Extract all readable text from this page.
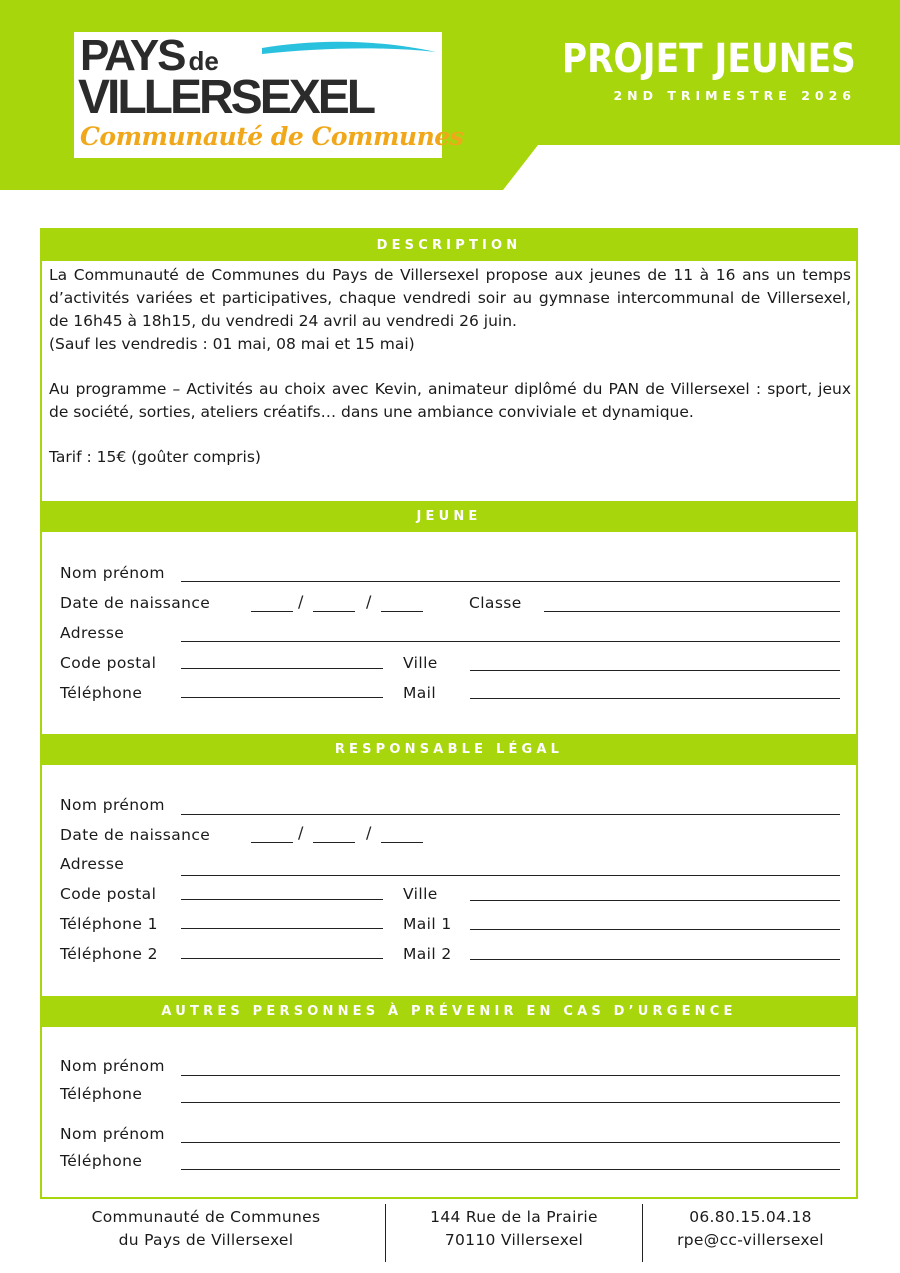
PAYS de
VILLERSEXEL
Communauté de Communes
PROJET JEUNES
2ND TRIMESTRE 2026
DESCRIPTION

La Communauté de Communes du Pays de Villersexel propose aux jeunes de 11 à 16 ans un temps d’activités variées et participatives, chaque vendredi soir au gymnase intercommunal de Villersexel, de 16h45 à 18h15, du vendredi 24 avril au vendredi 26 juin.

(Sauf les vendredis : 01 mai, 08 mai et 15 mai)

Au programme – Activités au choix avec Kevin, animateur diplômé du PAN de Villersexel : sport, jeux de société, sorties, ateliers créatifs… dans une ambiance conviviale et dynamique.

Tarif : 15€ (goûter compris)

JEUNE
Nom prénom
Date de naissance	/	/	Classe
Adresse
Code postal	Ville
Téléphone	Mail
RESPONSABLE LÉGAL
Nom prénom
Date de naissance	/	/
Adresse
Code postal	Ville
Téléphone 1	Mail 1
Téléphone 2	Mail 2
AUTRES PERSONNES À PRÉVENIR EN CAS D’URGENCE
Nom prénom
Téléphone
Nom prénom
Téléphone
Communauté de Communes
du Pays de Villersexel
144 Rue de la Prairie
70110 Villersexel
06.80.15.04.18
rpe@cc-villersexel
